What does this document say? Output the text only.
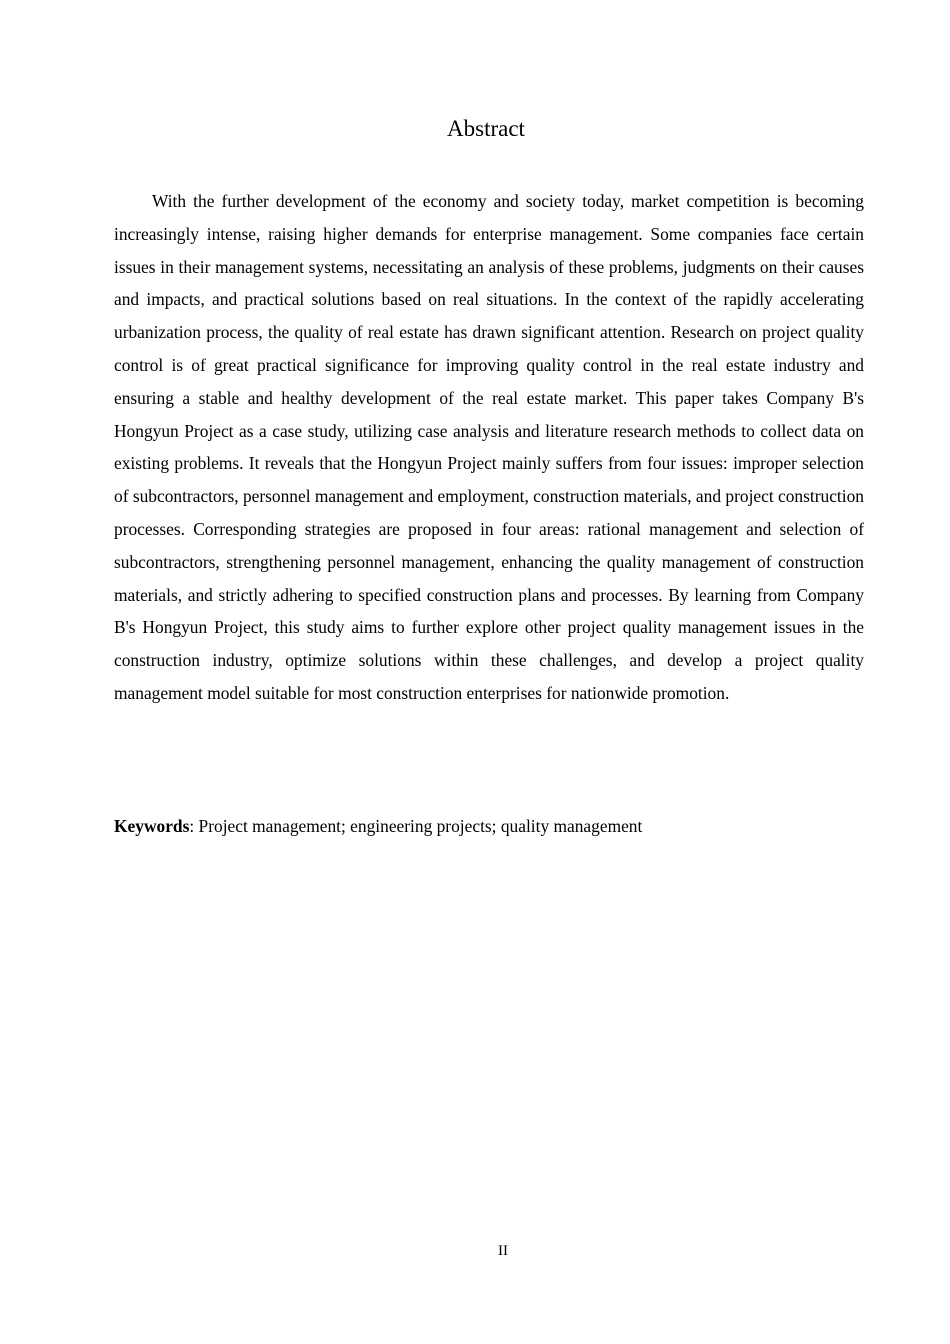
Abstract

With the further development of the economy and society today, market competition is becoming increasingly intense, raising higher demands for enterprise management. Some companies face certain issues in their management systems, necessitating an analysis of these problems, judgments on their causes and impacts, and practical solutions based on real situations. In the context of the rapidly accelerating urbanization process, the quality of real estate has drawn significant attention. Research on project quality control is of great practical significance for improving quality control in the real estate industry and ensuring a stable and healthy development of the real estate market. This paper takes Company B's Hongyun Project as a case study, utilizing case analysis and literature research methods to collect data on existing problems. It reveals that the Hongyun Project mainly suffers from four issues: improper selection of subcontractors, personnel management and employment, construction materials, and project construction processes. Corresponding strategies are proposed in four areas: rational management and selection of subcontractors, strengthening personnel management, enhancing the quality management of construction materials, and strictly adhering to specified construction plans and processes. By learning from Company B's Hongyun Project, this study aims to further explore other project quality management issues in the construction industry, optimize solutions within these challenges, and develop a project quality management model suitable for most construction enterprises for nationwide promotion.

Keywords: Project management; engineering projects; quality management

II
